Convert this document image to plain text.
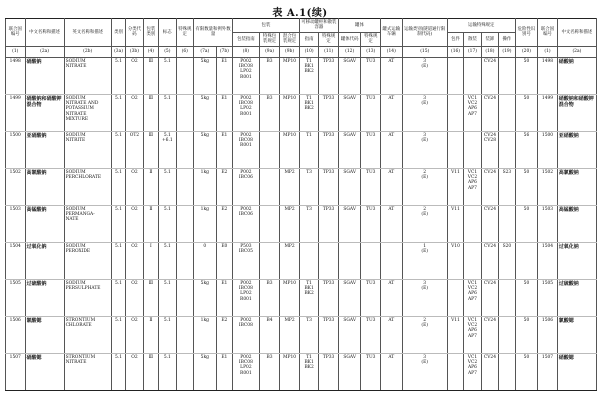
表 A.1(续)
联合国编号	中文名称和描述	英文名称和描述	类别	分类代码	包装类别	标志	特殊规定	有限数量和例外数量		包装			可移动罐柜和散装容器		罐体		罐式运输车辆	运输类别(隧道通行限制代码)	运输特殊规定				危险性识别号	联合国编号	中文名称和描述
										包装指南	特殊包装规定	混合包装规定	指南	特殊规定	罐体代码	特殊规定			包件	散装	装卸	操作			
(1)	(2a)	(2b)	(3a)	(3b)	(4)	(5)	(6)	(7a)	(7b)	(8)	(9a)	(9b)	(10)	(11)	(12)	(13)	(14)	(15)	(16)	(17)	(18)	(19)	(20)	(1)	(2a)
1498	硝酸钠	SODIUM
NITRATE	5.1	O2	Ⅲ	5.1		5kg	E1	P002
IBC08
LP02
R001	B3	MP10	T1
BK1
BK2	TP33	SGAV	TU3	AT	3
(E)			CV24		50	1498	硝酸钠
1499	硝酸钠和硝酸钾混合物	SODIUM
NITRATE AND
POTASSIUM
NITRATE
MIXTURE	5.1	O2	Ⅲ	5.1		5kg	E1	P002
IBC08
LP02
R001	B3	MP10	T1
BK1
BK2	TP33	SGAV	TU3	AT	3
(E)		VC1
VC2
AP6
AP7	CV24		50	1499	硝酸钠和硝酸钾混合物
1500	亚硝酸钠	SODIUM
NITRITE	5.1	OT2	Ⅲ	5.1
+6.1		5kg	E1	P002
IBC08
R001		MP10	T1	TP33	SGAV	TU3	AT	3
(E)			CV24
CV28		56	1500	亚硝酸钠
1502	高氯酸钠	SODIUM
PERCHLORATE	5.1	O2	Ⅱ	5.1		1kg	E2	P002
IBC06		MP2	T3	TP33	SGAV	TU3	AT	2
(E)	V11	VC1
VC2
AP6
AP7	CV24	S23	50	1502	高氯酸钠
1503	高锰酸钠	SODIUM
PERMANGA-
NATE	5.1	O2	Ⅱ	5.1		1kg	E2	P002
IBC06		MP2	T3	TP33	SGAV	TU3	AT	2
(E)	V11		CV24		50	1503	高锰酸钠
1504	过氧化钠	SODIUM
PEROXIDE	5.1	O2	Ⅰ	5.1		0	E0	P503
IBC05		MP2						1
(E)	V10		CV24	S20		1504	过氧化钠
1505	过硫酸钠	SODIUM
PERSULPHATE	5.1	O2	Ⅲ	5.1		5kg	E1	P002
IBC08
LP02
R001	B3	MP10	T1
BK1
BK2	TP33	SGAV	TU3	AT	3
(E)		VC1
VC2
AP6
AP7	CV24		50	1505	过硫酸钠
1506	氯酸锶	STRONTIUM
CHLORATE	5.1	O2	Ⅱ	5.1		1kg	E2	P002
IBC08	B4	MP2	T3	TP33	SGAV	TU3	AT	2
(E)	V11	VC1
VC2
AP6
AP7	CV24		50	1506	氯酸锶
1507	硝酸锶	STRONTIUM
NITRATE	5.1	O2	Ⅲ	5.1		5kg	E1	P002
IBC08
LP02
R001	B3	MP10	T1
BK1
BK2	TP33	SGAV	TU3	AT	3
(E)		VC1
VC2
AP6
AP7	CV24		50	1507	硝酸锶
